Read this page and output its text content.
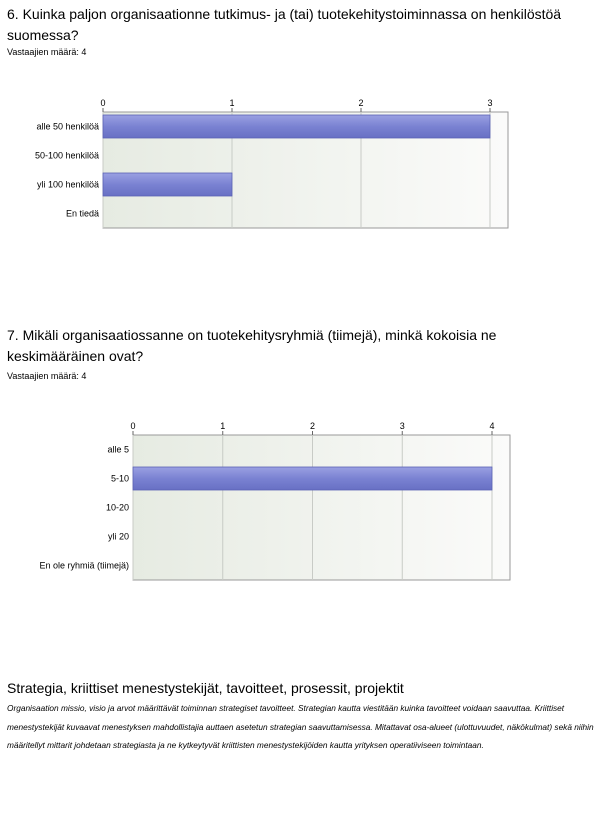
6. Kuinka paljon organisaationne tutkimus- ja (tai) tuotekehitystoiminnassa on henkilöstöä suomessa?
Vastaajien määrä: 4
0	1	2	3
alle 50 henkilöä
50-100 henkilöä
yli 100 henkilöä
En tiedä
7. Mikäli organisaatiossanne on tuotekehitysryhmiä (tiimejä), minkä kokoisia ne keskimääräinen ovat?
Vastaajien määrä: 4
0	1	2	3	4
alle 5
5-10
10-20
yli 20
En ole ryhmiä (tiimejä)
Strategia, kriittiset menestystekijät, tavoitteet, prosessit, projektit
Organisaation missio, visio ja arvot määrittävät toiminnan strategiset tavoitteet. Strategian kautta viestitään kuinka tavoitteet voidaan saavuttaa. Kriittiset menestystekijät kuvaavat menestyksen mahdollistajia auttaen asetetun strategian saavuttamisessa. Mitattavat osa-alueet (ulottuvuudet, näkökulmat) sekä niihin määritellyt mittarit johdetaan strategiasta ja ne kytkeytyvät kriittisten menestystekijöiden kautta yrityksen operatiiviseen toimintaan.
